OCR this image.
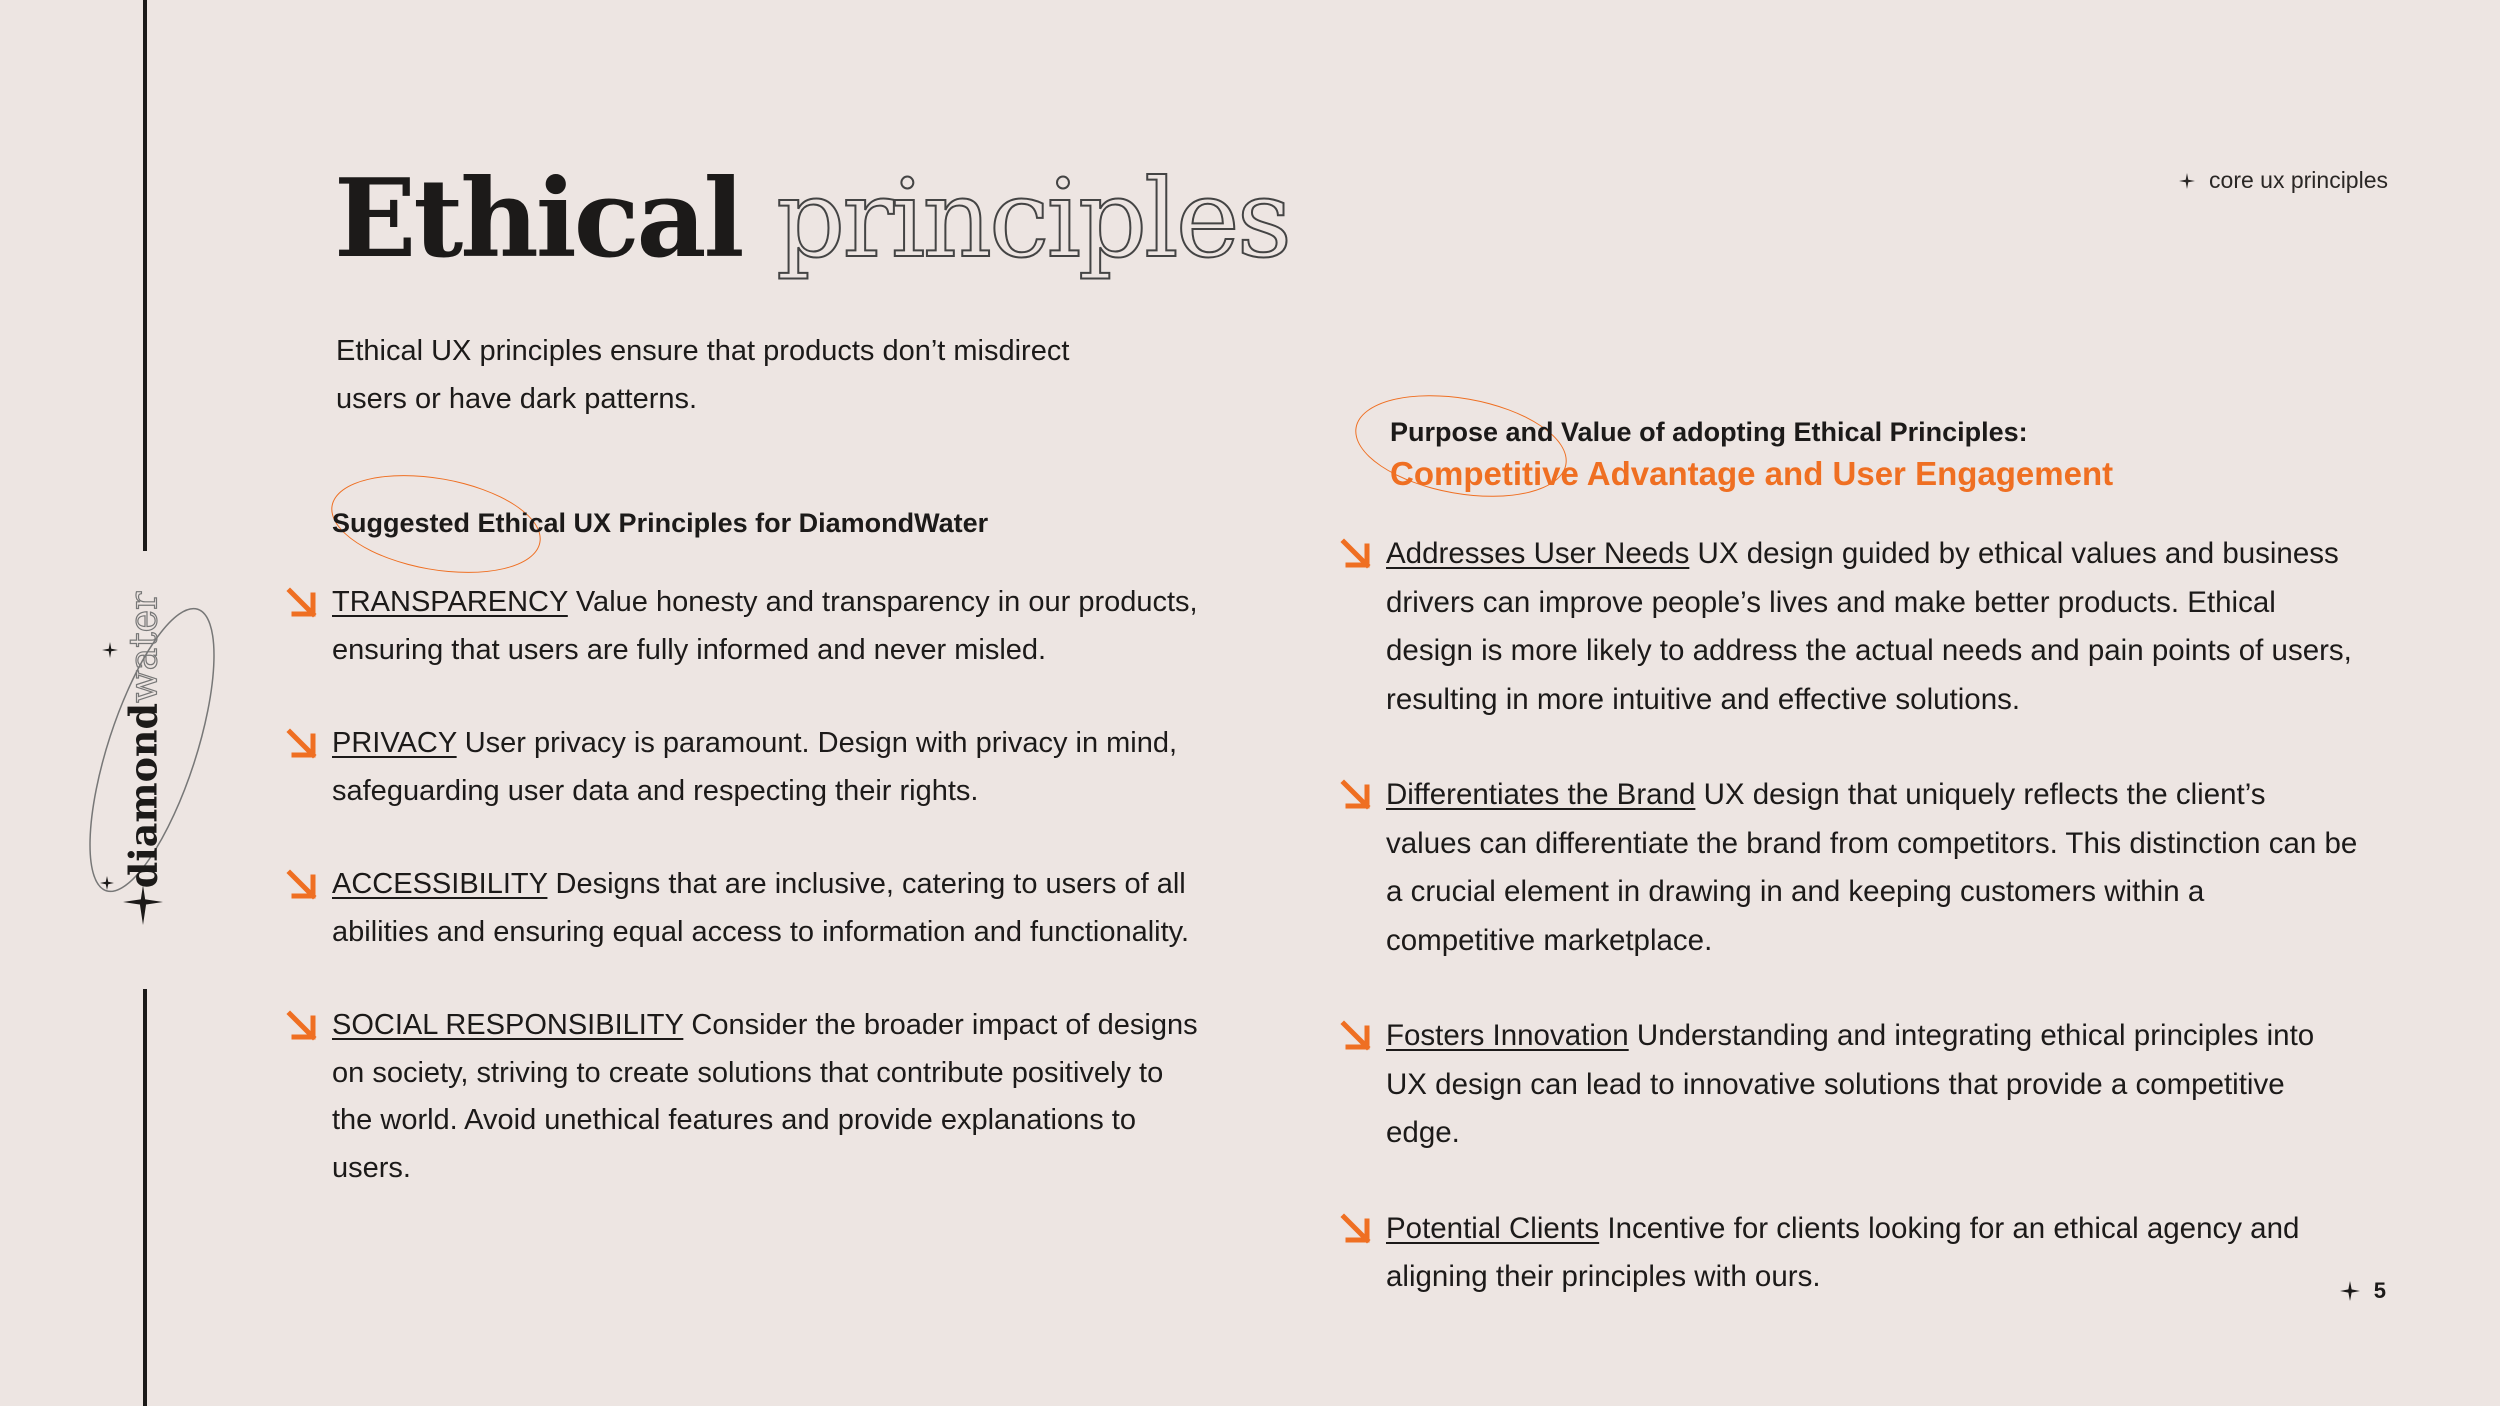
diamondwater
Ethical principles
Ethical UX principles ensure that products don’t misdirect users or have dark patterns.
core ux principles
Suggested Ethical UX Principles for DiamondWater

TRANSPARENCY Value honesty and transparency in our products, ensuring that users are fully informed and never misled.

PRIVACY User privacy is paramount. Design with privacy in mind, safeguarding user data and respecting their rights.

ACCESSIBILITY Designs that are inclusive, catering to users of all abilities and ensuring equal access to information and functionality.

SOCIAL RESPONSIBILITY Consider the broader impact of designs on society, striving to create solutions that contribute positively to the world. Avoid unethical features and provide explanations to users.

Purpose and Value of adopting Ethical Principles:
Competitive Advantage and User Engagement

Addresses User Needs UX design guided by ethical values and business drivers can improve people’s lives and make better products. Ethical design is more likely to address the actual needs and pain points of users, resulting in more intuitive and effective solutions.

Differentiates the Brand UX design that uniquely reflects the client’s values can differentiate the brand from competitors. This distinction can be a crucial element in drawing in and keeping customers within a competitive marketplace.

Fosters Innovation Understanding and integrating ethical principles into UX design can lead to innovative solutions that provide a competitive edge.

Potential Clients Incentive for clients looking for an ethical agency and aligning their principles with ours.	5
